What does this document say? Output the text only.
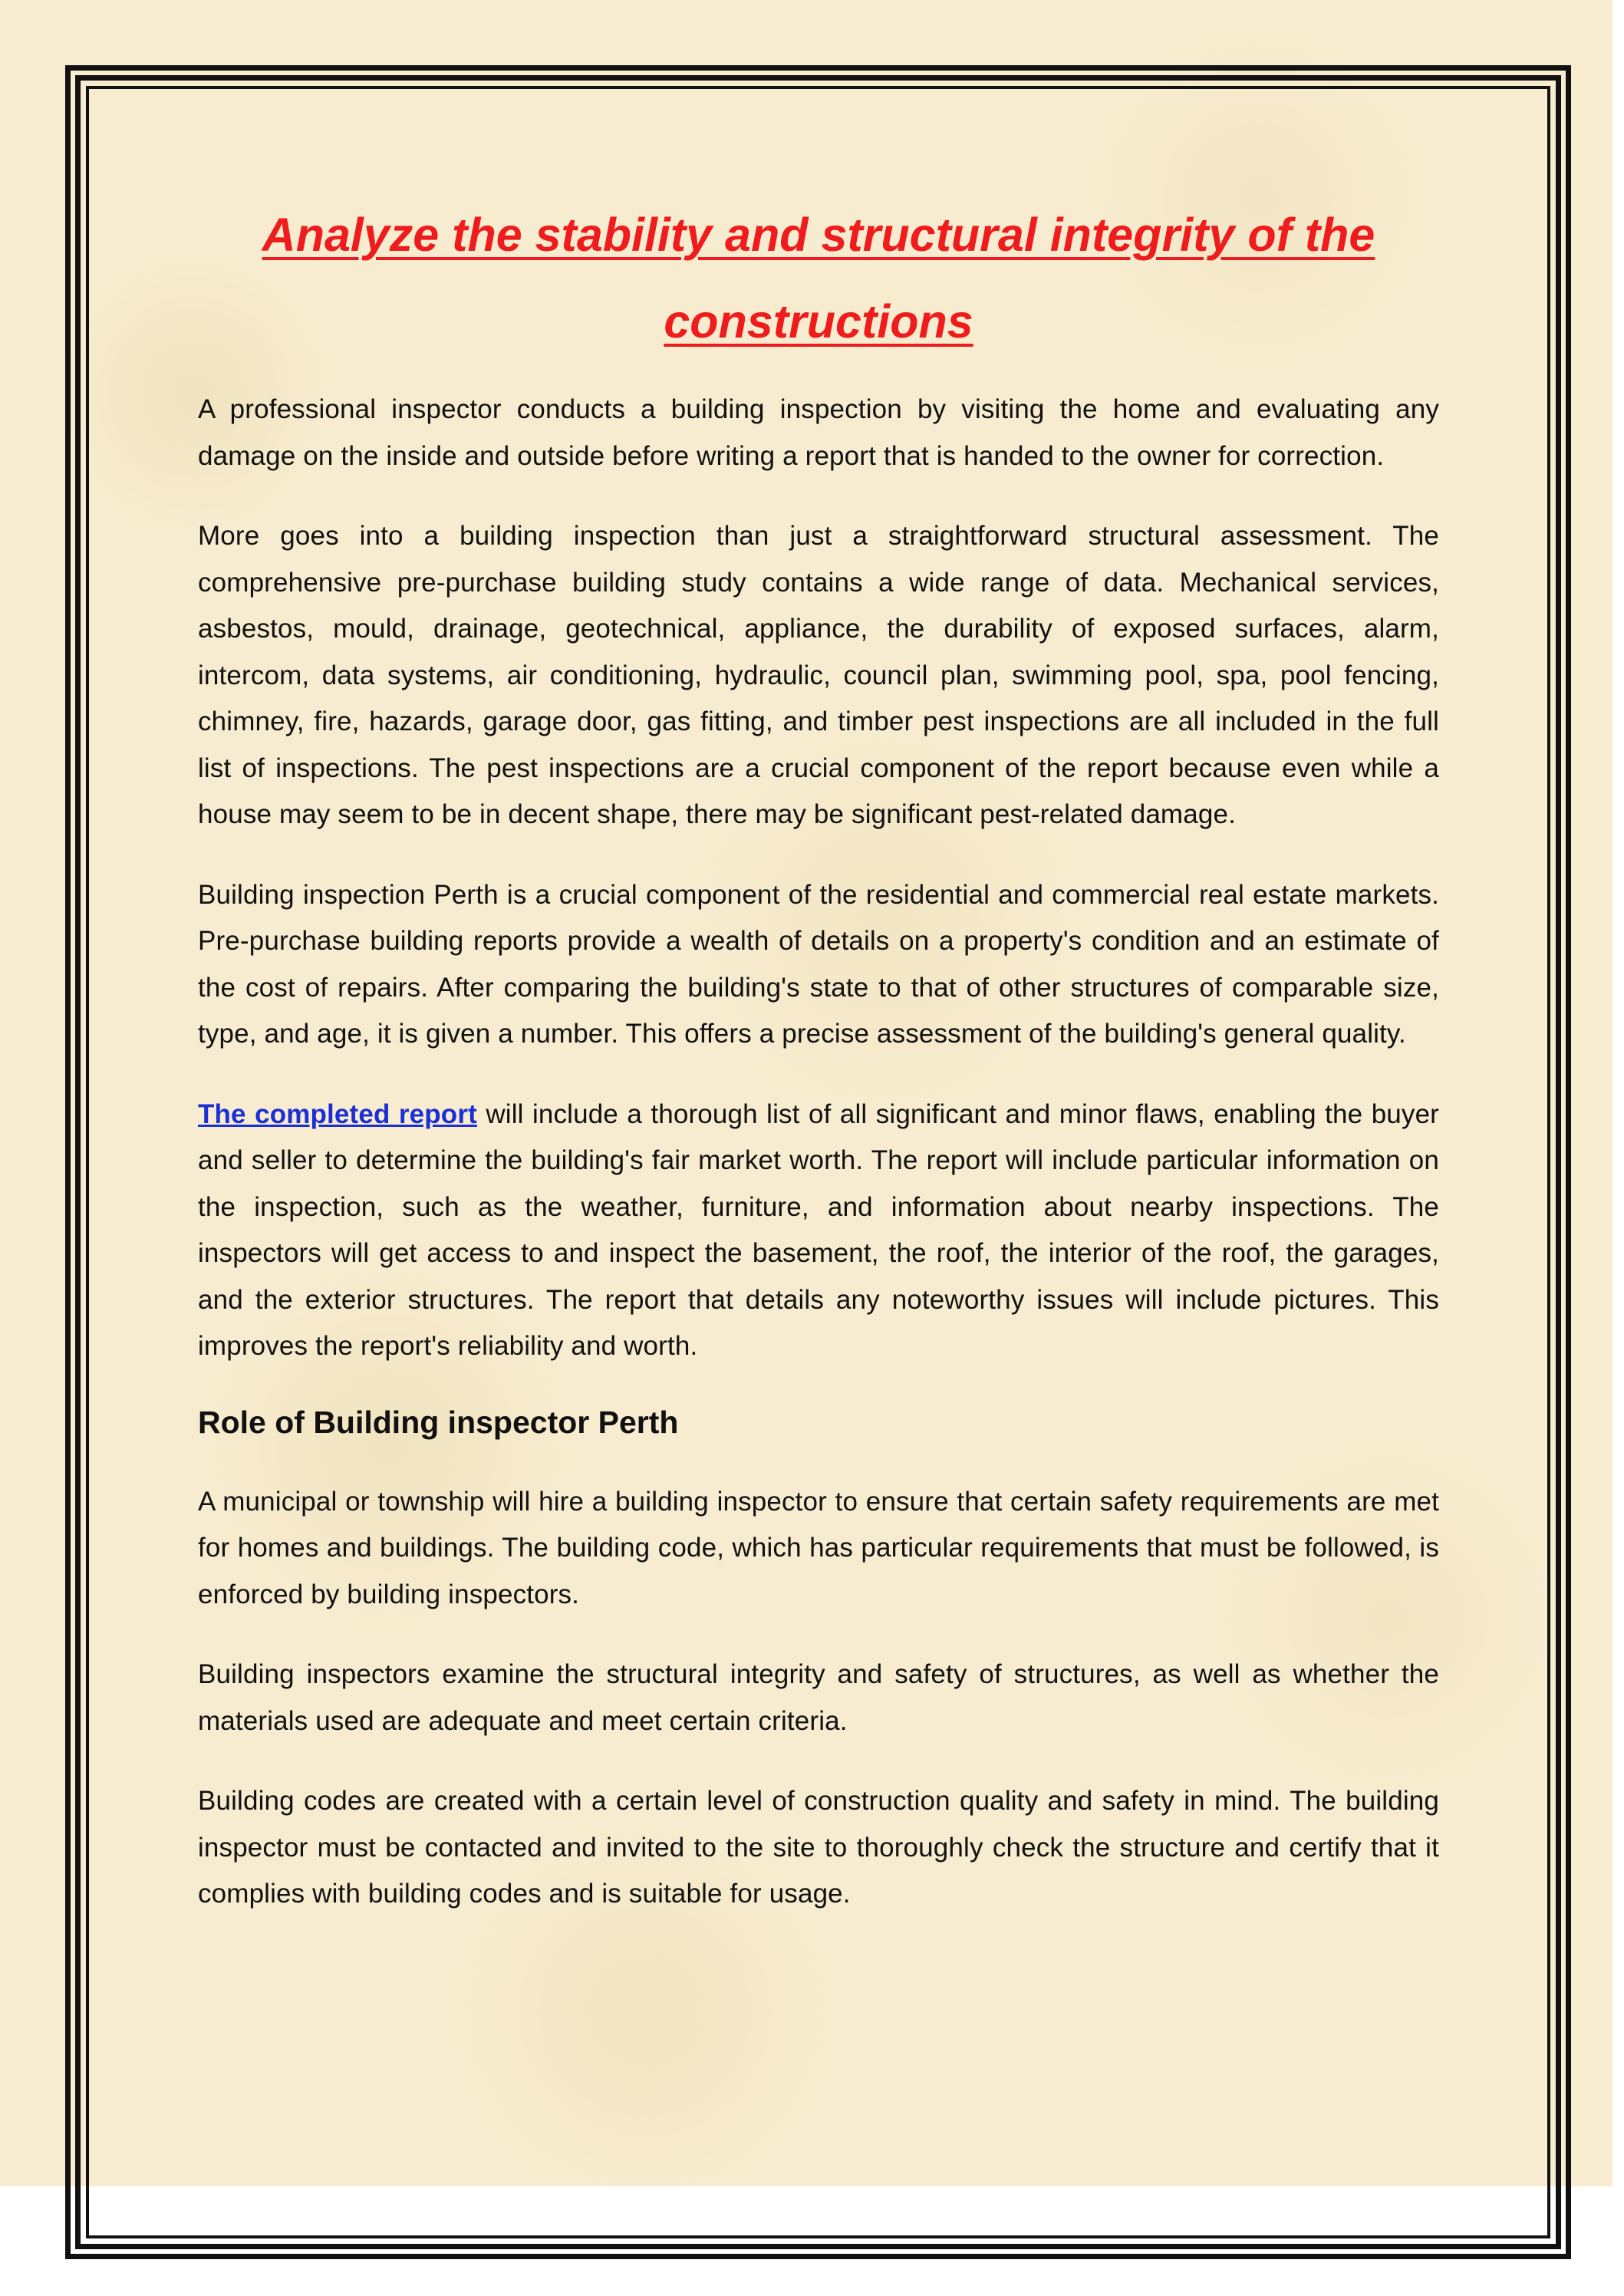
Analyze the stability and structural integrity of the constructions

A professional inspector conducts a building inspection by visiting the home and evaluating any damage on the inside and outside before writing a report that is handed to the owner for correction.

More goes into a building inspection than just a straightforward structural assessment. The comprehensive pre-purchase building study contains a wide range of data. Mechanical services, asbestos, mould, drainage, geotechnical, appliance, the durability of exposed surfaces, alarm, intercom, data systems, air conditioning, hydraulic, council plan, swimming pool, spa, pool fencing, chimney, fire, hazards, garage door, gas fitting, and timber pest inspections are all included in the full list of inspections. The pest inspections are a crucial component of the report because even while a house may seem to be in decent shape, there may be significant pest-related damage.

Building inspection Perth is a crucial component of the residential and commercial real estate markets. Pre-purchase building reports provide a wealth of details on a property's condition and an estimate of the cost of repairs. After comparing the building's state to that of other structures of comparable size, type, and age, it is given a number. This offers a precise assessment of the building's general quality.

The completed report will include a thorough list of all significant and minor flaws, enabling the buyer and seller to determine the building's fair market worth. The report will include particular information on the inspection, such as the weather, furniture, and information about nearby inspections. The inspectors will get access to and inspect the basement, the roof, the interior of the roof, the garages, and the exterior structures. The report that details any noteworthy issues will include pictures. This improves the report's reliability and worth.

Role of Building inspector Perth

A municipal or township will hire a building inspector to ensure that certain safety requirements are met for homes and buildings. The building code, which has particular requirements that must be followed, is enforced by building inspectors.

Building inspectors examine the structural integrity and safety of structures, as well as whether the materials used are adequate and meet certain criteria.

Building codes are created with a certain level of construction quality and safety in mind. The building inspector must be contacted and invited to the site to thoroughly check the structure and certify that it complies with building codes and is suitable for usage.
